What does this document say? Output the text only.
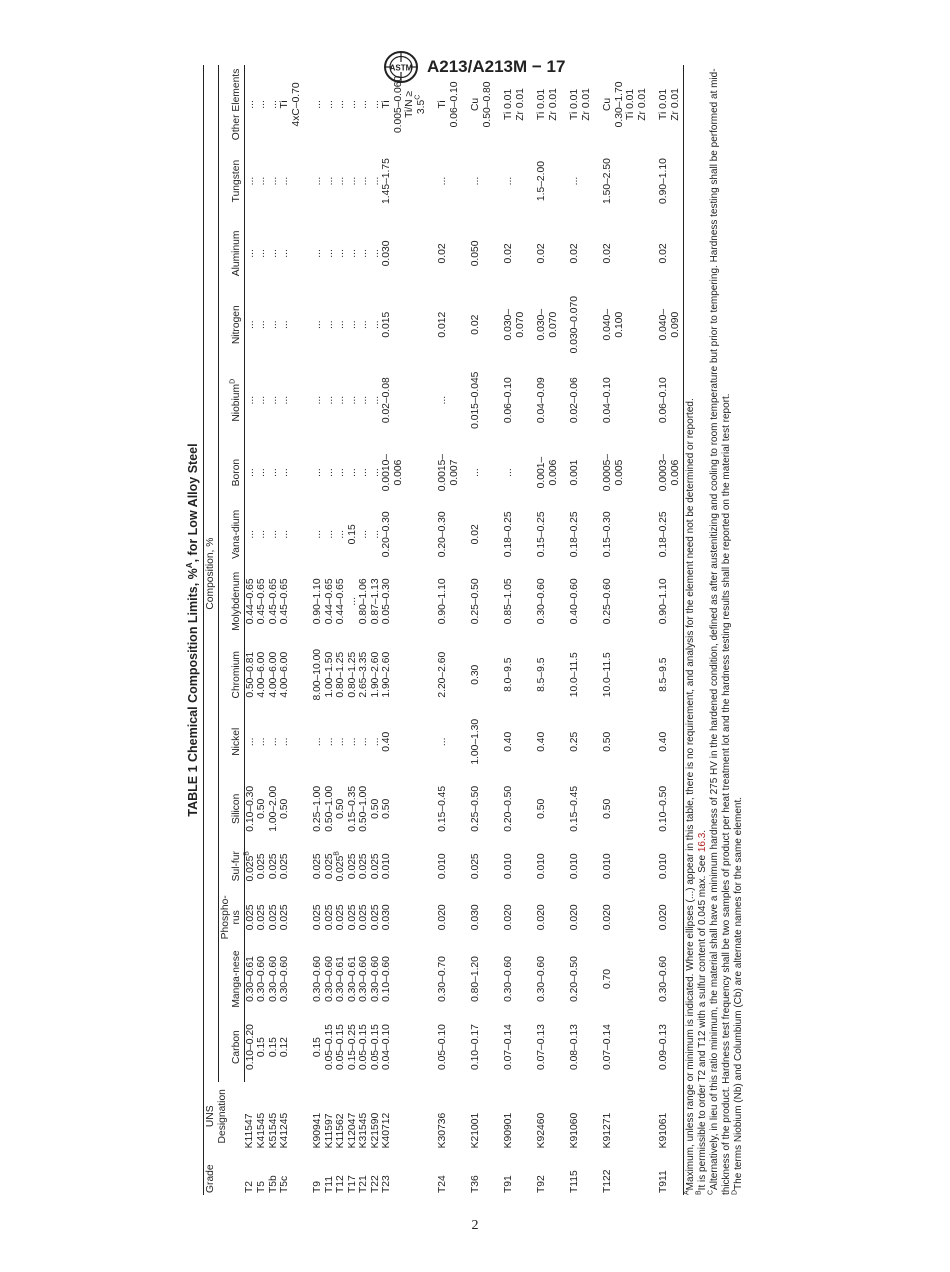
ASTM A213/A213M − 17
TABLE 1 Chemical Composition Limits, %$^A$, for Low Alloy Steel
Grade	UNS Designation	Composition, %														
		Carbon	Manga-nese	Phospho-rus	Sul-fur	Silicon	Nickel	Chromium	Molybdenum	Vana-dium	Boron	Niobium$^D$	Nitrogen	Aluminum	Tungsten	Other Elements

T2	K11547	0.10–0.20	0.30–0.61	0.025	$0.025^B$	0.10–0.30	...	0.50–0.81	0.44–0.65	...	...	...	...	...	...	...

T5	K41545	0.15	0.30–0.60	0.025	0.025	0.50	...	4.00–6.00	0.45–0.65	...	...	...	...	...	...	...

T5b	K51545	0.15	0.30–0.60	0.025	0.025	1.00–2.00	...	4.00–6.00	0.45–0.65	...	...	...	...	...	...	...

T5c	K41245	0.12	0.30–0.60	0.025	0.025	0.50	...	4.00–6.00	0.45–0.65	...	...	...	...	...	...	Ti 4xC–0.70

T9	K90941	0.15	0.30–0.60	0.025	0.025	0.25–1.00	...	8.00–10.00	0.90–1.10	...	...	...	...	...	...	...

T11	K11597	0.05–0.15	0.30–0.60	0.025	0.025	0.50–1.00	...	1.00–1.50	0.44–0.65	...	...	...	...	...	...	...

T12	K11562	0.05–0.15	0.30–0.61	0.025	$0.025^B$	0.50	...	0.80–1.25	0.44–0.65	...	...	...	...	...	...	...

T17	K12047	0.15–0.25	0.30–0.61	0.025	0.025	0.15–0.35	...	0.80–1.25	...	0.15	...	...	...	...	...	...

T21	K31545	0.05–0.15	0.30–0.60	0.025	0.025	0.50–1.00	...	2.65–3.35	0.80–1.06	...	...	...	...	...	...	...

T22	K21590	0.05–0.15	0.30–0.60	0.025	0.025	0.50	...	1.90–2.60	0.87–1.13	...	...	...	...	...	...	...

T23	K40712	0.04–0.10	0.10–0.60	0.030	0.010	0.50	0.40	1.90–2.60	0.05–0.30	0.20–0.30	0.0010– 0.006	0.02–0.08	0.015	0.030	1.45–1.75	Ti 0.005–0.060 $Ti/N \ge 3.5^C$

T24	K30736	0.05–0.10	0.30–0.70	0.020	0.010	0.15–0.45	...	2.20–2.60	0.90–1.10	0.20–0.30	0.0015– 0.007	...	0.012	0.02	...	Ti 0.06–0.10

T36	K21001	0.10–0.17	0.80–1.20	0.030	0.025	0.25–0.50	1.00–1.30	0.30	0.25–0.50	0.02	...	0.015–0.045	0.02	0.050	...	Cu 0.50–0.80

T91	K90901	0.07–0.14	0.30–0.60	0.020	0.010	0.20–0.50	0.40	8.0–9.5	0.85–1.05	0.18–0.25	...	0.06–0.10	0.030– 0.070	0.02	...	Ti 0.01 Zr 0.01

T92	K92460	0.07–0.13	0.30–0.60	0.020	0.010	0.50	0.40	8.5–9.5	0.30–0.60	0.15–0.25	0.001– 0.006	0.04–0.09	0.030– 0.070	0.02	1.5–2.00	Ti 0.01 Zr 0.01

T115	K91060	0.08–0.13	0.20–0.50	0.020	0.010	0.15–0.45	0.25	10.0–11.5	0.40–0.60	0.18–0.25	0.001	0.02–0.06	0.030–0.070	0.02	...	Ti 0.01 Zr 0.01

T122	K91271	0.07–0.14	0.70	0.020	0.010	0.50	0.50	10.0–11.5	0.25–0.60	0.15–0.30	0.0005– 0.005	0.04–0.10	0.040– 0.100	0.02	1.50–2.50	Cu 0.30–1.70 Ti 0.01 Zr 0.01

T911	K91061	0.09–0.13	0.30–0.60	0.020	0.010	0.10–0.50	0.40	8.5–9.5	0.90–1.10	0.18–0.25	0.0003– 0.006	0.06–0.10	0.040– 0.090	0.02	0.90–1.10	Ti 0.01 Zr 0.01

$^A$Maximum, unless range or minimum is indicated. Where ellipses (...) appear in this table, there is no requirement, and analysis for the element need not be determined or reported.

$^B$It is permissible to order T2 and T12 with a sulfur content of 0.045 max. See 16.3.

$^C$Alternatively, in lieu of this ratio minimum, the material shall have a minimum hardness of 275 HV in the hardened condition, defined as after austenitizing and cooling to room temperature but prior to tempering. Hardness testing shall be performed at mid-thickness of the product. Hardness test frequency shall be two samples of product per heat treatment lot and the hardness testing results shall be reported on the material test report. $^D$The terms Niobium (Nb) and Columbium (Cb) are alternate names for the same element.

2
